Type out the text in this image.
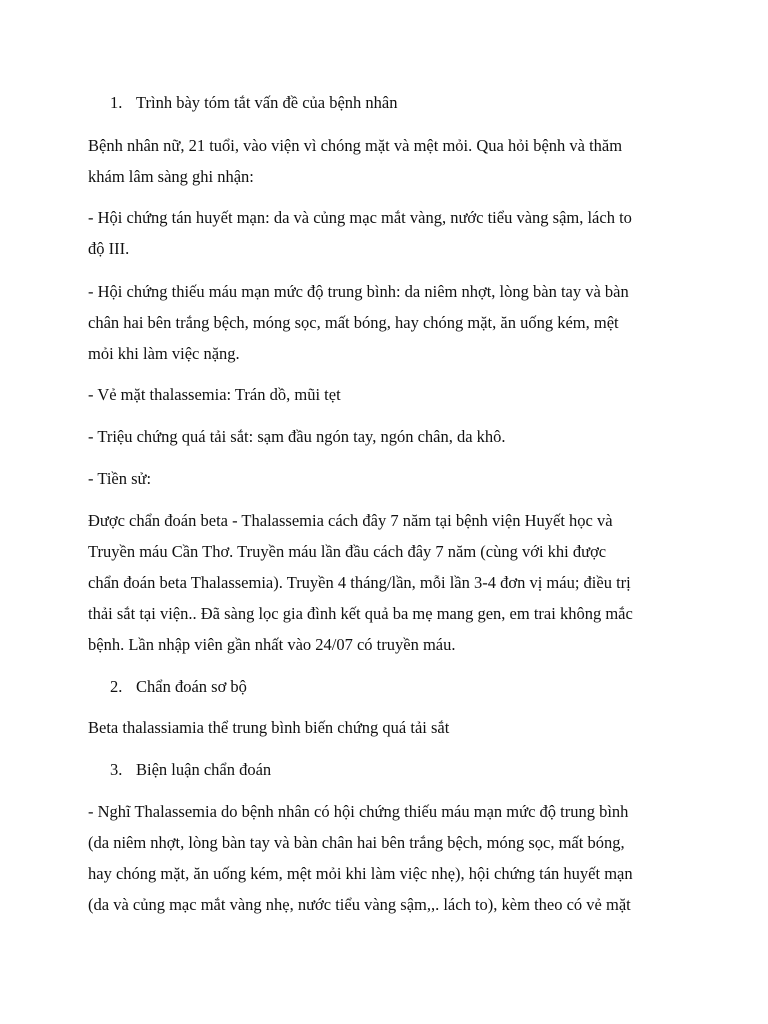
1. Trình bày tóm tắt vấn đề của bệnh nhân

Bệnh nhân nữ, 21 tuổi, vào viện vì chóng mặt và mệt mỏi. Qua hỏi bệnh và thăm
khám lâm sàng ghi nhận:

- Hội chứng tán huyết mạn: da và củng mạc mắt vàng, nước tiểu vàng sậm, lách to
độ III.

- Hội chứng thiếu máu mạn mức độ trung bình: da niêm nhợt, lòng bàn tay và bàn
chân hai bên trắng bệch, móng sọc, mất bóng, hay chóng mặt, ăn uống kém, mệt
mỏi khi làm việc nặng.

- Vẻ mặt thalassemia: Trán dồ, mũi tẹt

- Triệu chứng quá tải sắt: sạm đầu ngón tay, ngón chân, da khô.

- Tiền sử:

Được chẩn đoán beta - Thalassemia cách đây 7 năm tại bệnh viện Huyết học và
Truyền máu Cần Thơ. Truyền máu lần đầu cách đây 7 năm (cùng với khi được
chẩn đoán beta Thalassemia). Truyền 4 tháng/lần, mỗi lần 3-4 đơn vị máu; điều trị
thải sắt tại viện.. Đã sàng lọc gia đình kết quả ba mẹ mang gen, em trai không mắc
bệnh. Lần nhập viên gần nhất vào 24/07 có truyền máu.

2. Chẩn đoán sơ bộ

Beta thalassiamia thể trung bình biến chứng quá tải sắt

3. Biện luận chẩn đoán

- Nghĩ Thalassemia do bệnh nhân có hội chứng thiếu máu mạn mức độ trung bình
(da niêm nhợt, lòng bàn tay và bàn chân hai bên trắng bệch, móng sọc, mất bóng,
hay chóng mặt, ăn uống kém, mệt mỏi khi làm việc nhẹ), hội chứng tán huyết mạn
(da và củng mạc mắt vàng nhẹ, nước tiểu vàng sậm,,. lách to), kèm theo có vẻ mặt
